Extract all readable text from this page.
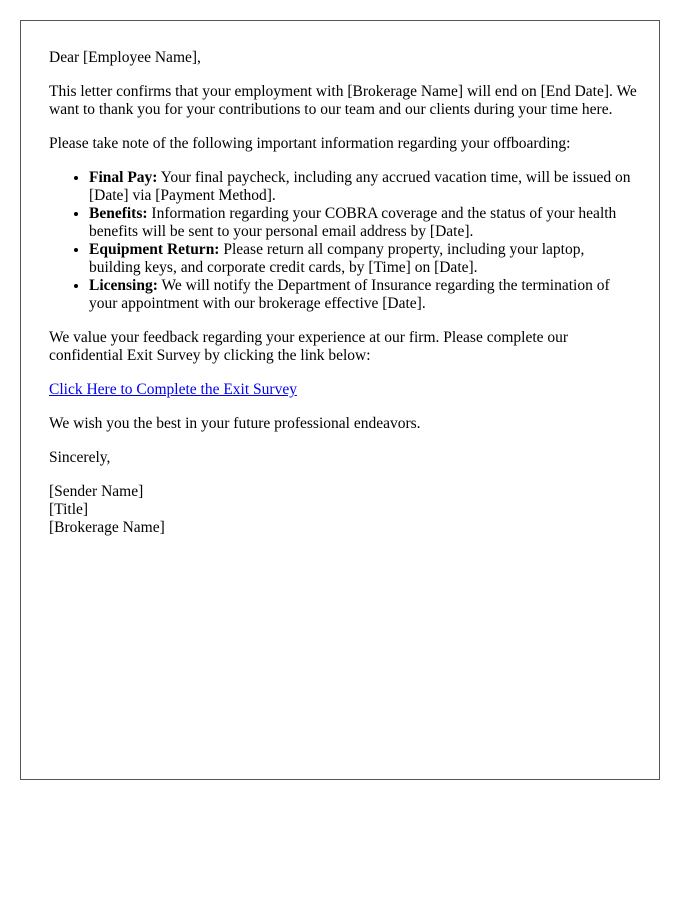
Dear [Employee Name],

This letter confirms that your employment with [Brokerage Name] will end on [End Date]. We want to thank you for your contributions to our team and our clients during your time here.

Please take note of the following important information regarding your offboarding:

• Final Pay: Your final paycheck, including any accrued vacation time, will be issued on [Date] via [Payment Method].
• Benefits: Information regarding your COBRA coverage and the status of your health benefits will be sent to your personal email address by [Date].
• Equipment Return: Please return all company property, including your laptop, building keys, and corporate credit cards, by [Time] on [Date].
• Licensing: We will notify the Department of Insurance regarding the termination of your appointment with our brokerage effective [Date].

We value your feedback regarding your experience at our firm. Please complete our confidential Exit Survey by clicking the link below:

Click Here to Complete the Exit Survey

We wish you the best in your future professional endeavors.

Sincerely,

[Sender Name]
[Title]
[Brokerage Name]
